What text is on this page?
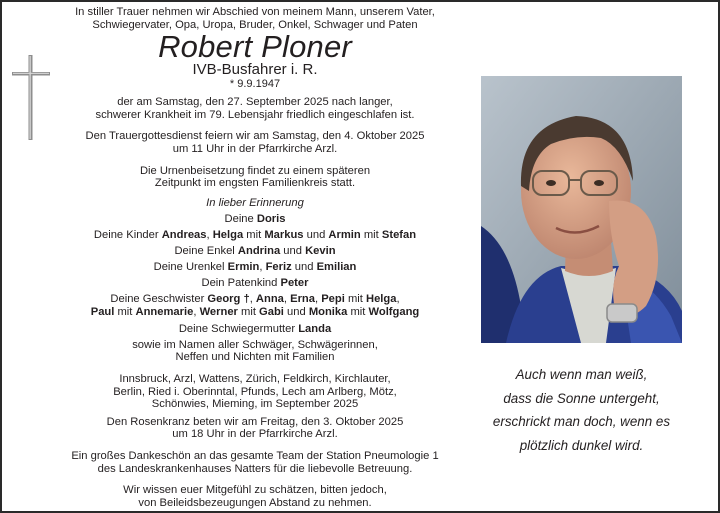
In stiller Trauer nehmen wir Abschied von meinem Mann, unserem Vater,

Schwiegervater, Opa, Uropa, Bruder, Onkel, Schwager und Paten

Robert Ploner

IVB-Busfahrer i. R.

* 9.9.1947

der am Samstag, den 27. September 2025 nach langer,

schwerer Krankheit im 79. Lebensjahr friedlich eingeschlafen ist.

Den Trauergottesdienst feiern wir am Samstag, den 4. Oktober 2025

um 11 Uhr in der Pfarrkirche Arzl.

Die Urnenbeisetzung findet zu einem späteren

Zeitpunkt im engsten Familienkreis statt.

In lieber Erinnerung

Deine Doris

Deine Kinder Andreas, Helga mit Markus und Armin mit Stefan

Deine Enkel Andrina und Kevin

Deine Urenkel Ermin, Feriz und Emilian

Dein Patenkind Peter

Deine Geschwister Georg †, Anna, Erna, Pepi mit Helga,

Paul mit Annemarie, Werner mit Gabi und Monika mit Wolfgang

Deine Schwiegermutter Landa

sowie im Namen aller Schwäger, Schwägerinnen,

Neffen und Nichten mit Familien

Innsbruck, Arzl, Wattens, Zürich, Feldkirch, Kirchlauter,

Berlin, Ried i. Oberinntal, Pfunds, Lech am Arlberg, Mötz,

Schönwies, Mieming, im September 2025

Den Rosenkranz beten wir am Freitag, den 3. Oktober 2025

um 18 Uhr in der Pfarrkirche Arzl.

Ein großes Dankeschön an das gesamte Team der Station Pneumologie 1

des Landeskrankenhauses Natters für die liebevolle Betreuung.

Wir wissen euer Mitgefühl zu schätzen, bitten jedoch,

von Beileidsbezeugungen Abstand zu nehmen.

Auch wenn man weiß,

dass die Sonne untergeht,

erschrickt man doch, wenn es

plötzlich dunkel wird.
